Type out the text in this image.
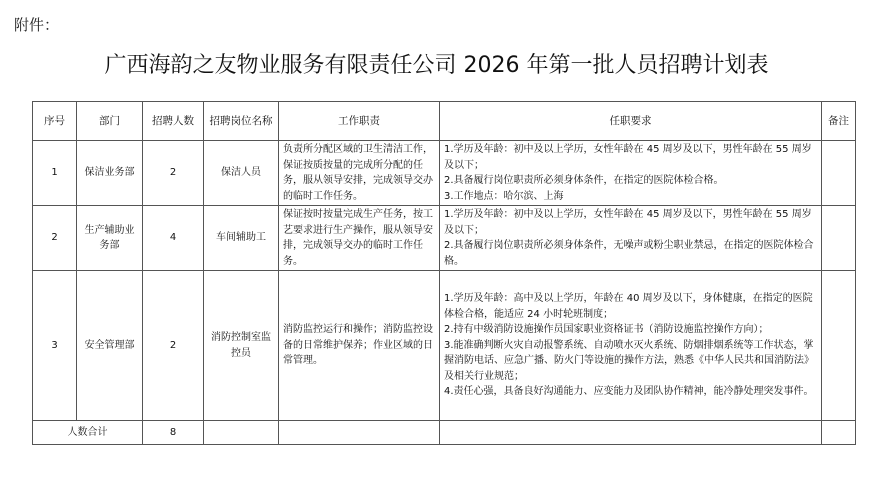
附件：
广西海韵之友物业服务有限责任公司 2026 年第一批人员招聘计划表
序号	部门	招聘人数	招聘岗位名称	工作职责	任职要求	备注
1	保洁业务部	2	保洁人员	负责所分配区域的卫生清洁工作，保证按质按量的完成所分配的任务，服从领导安排，完成领导交办的临时工作任务。	1.学历及年龄：初中及以上学历，女性年龄在 45 周岁及以下，男性年龄在 55 周岁及以下；
2.具备履行岗位职责所必须身体条件，在指定的医院体检合格。
3.工作地点：哈尔滨、上海	

2	生产辅助业务部	4	车间辅助工	保证按时按量完成生产任务，按工艺要求进行生产操作，服从领导安排，完成领导交办的临时工作任务。	1.学历及年龄：初中及以上学历，女性年龄在 45 周岁及以下，男性年龄在 55 周岁及以下；
2.具备履行岗位职责所必须身体条件，无噪声或粉尘职业禁忌，在指定的医院体检合格。	

3	安全管理部	2	消防控制室监控员	消防监控运行和操作；消防监控设备的日常维护保养；作业区域的日常管理。	1.学历及年龄：高中及以上学历，年龄在 40 周岁及以下，身体健康，在指定的医院体检合格，能适应 24 小时轮班制度；
2.持有中级消防设施操作员国家职业资格证书（消防设施监控操作方向）；
3.能准确判断火灾自动报警系统、自动喷水灭火系统、防烟排烟系统等工作状态，掌握消防电话、应急广播、防火门等设施的操作方法，熟悉《中华人民共和国消防法》及相关行业规范；
4.责任心强，具备良好沟通能力、应变能力及团队协作精神，能冷静处理突发事件。	

人数合计		8				
